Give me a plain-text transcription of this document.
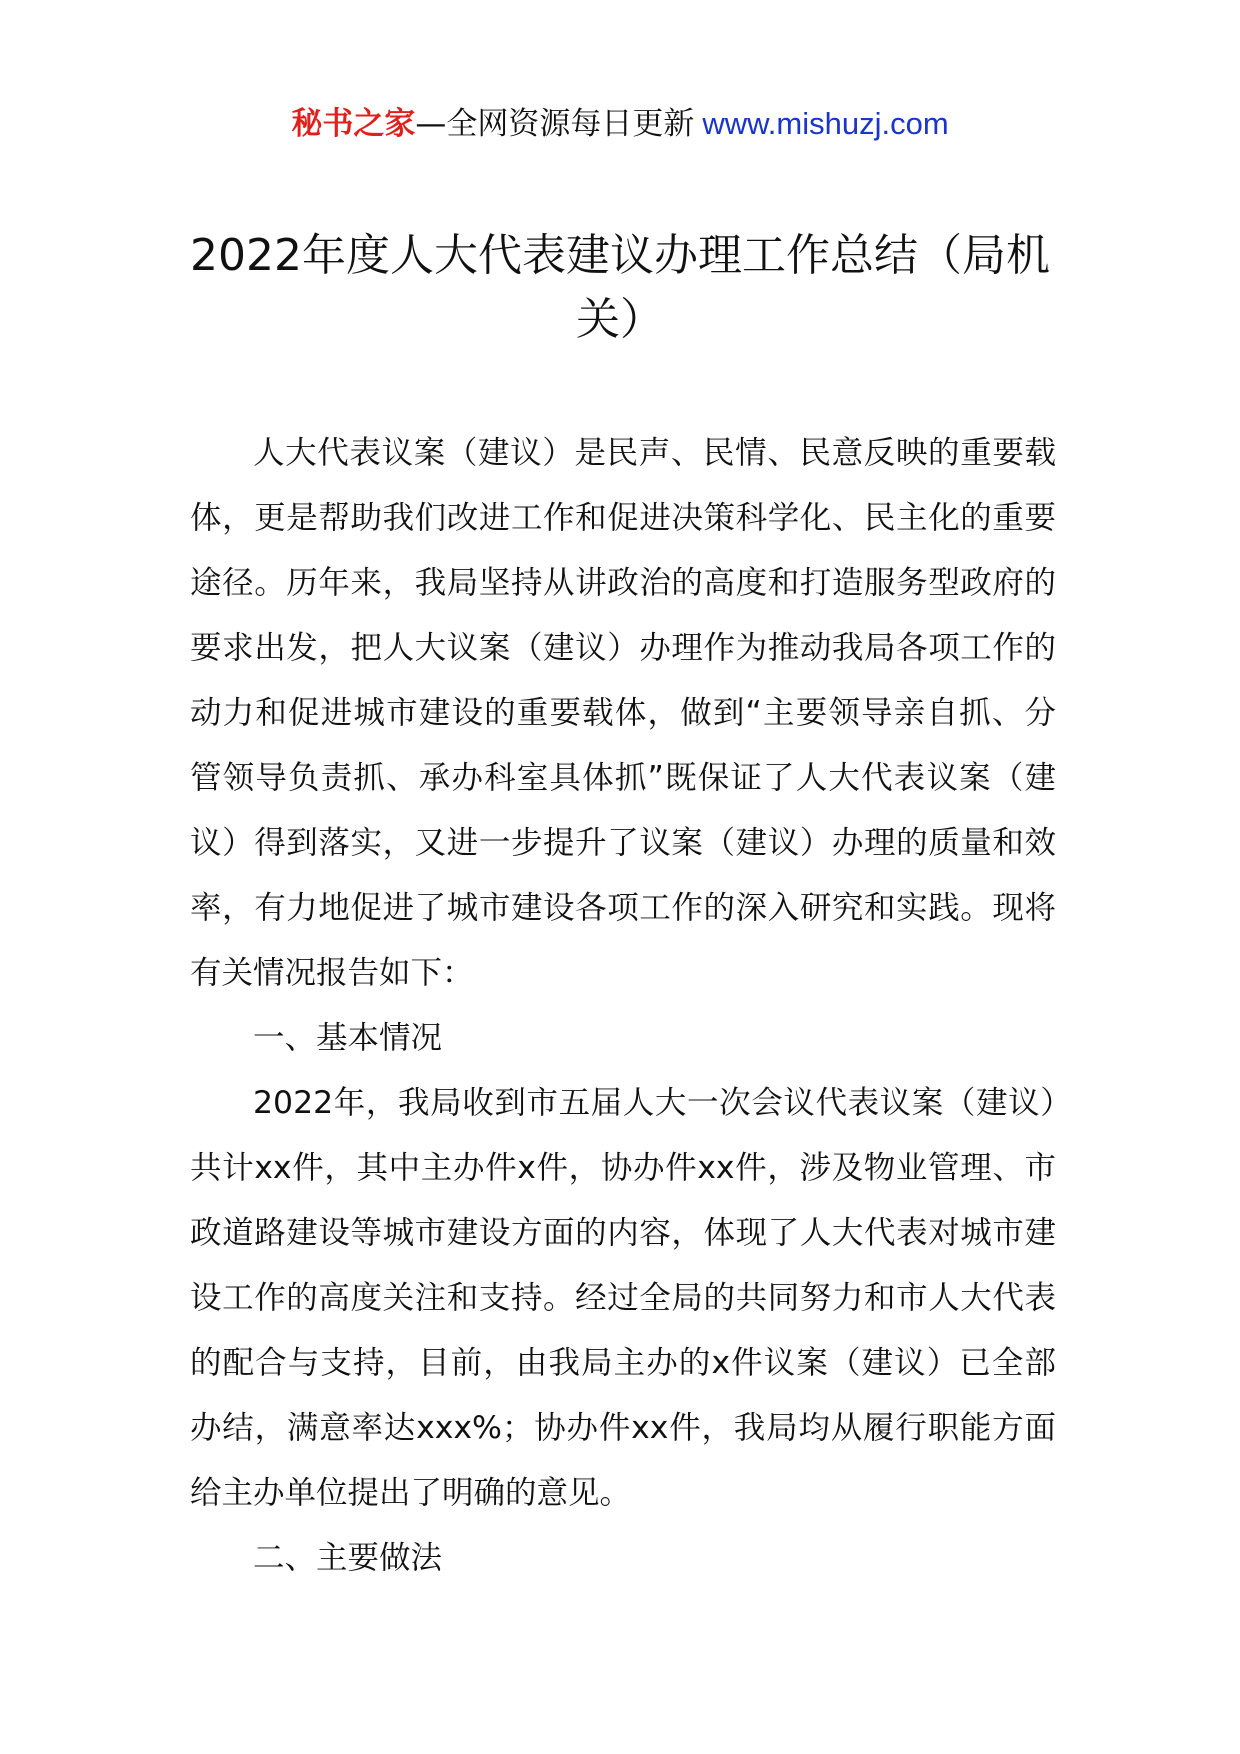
秘书之家—全网资源每日更新 www.mishuzj.com
2022年度人大代表建议办理工作总结（局机关）

人大代表议案（建议）是民声、民情、民意反映的重要载体，更是帮助我们改进工作和促进决策科学化、民主化的重要途径。历年来，我局坚持从讲政治的高度和打造服务型政府的要求出发，把人大议案（建议）办理作为推动我局各项工作的动力和促进城市建设的重要载体，做到“主要领导亲自抓、分管领导负责抓、承办科室具体抓”既保证了人大代表议案（建议）得到落实，又进一步提升了议案（建议）办理的质量和效率，有力地促进了城市建设各项工作的深入研究和实践。现将有关情况报告如下：

一、基本情况

2022年，我局收到市五届人大一次会议代表议案（建议）共计xx件，其中主办件x件，协办件xx件，涉及物业管理、市政道路建设等城市建设方面的内容，体现了人大代表对城市建设工作的高度关注和支持。经过全局的共同努力和市人大代表的配合与支持，目前，由我局主办的x件议案（建议）已全部办结，满意率达xxx%；协办件xx件，我局均从履行职能方面给主办单位提出了明确的意见。

二、主要做法
